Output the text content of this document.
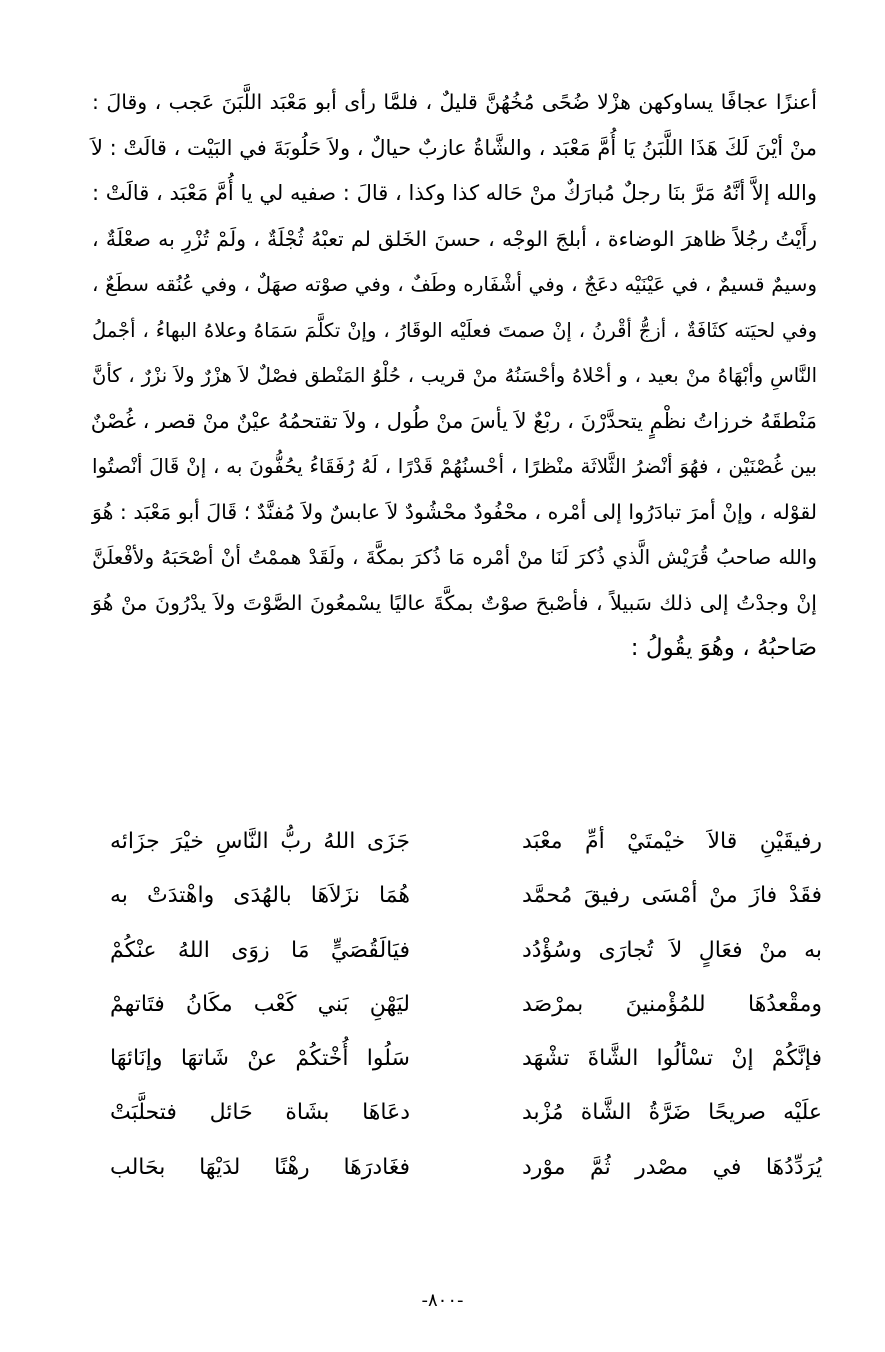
أعنزًا عجافًا يساوكهن هزْلا ضُحًى مُخُهُنَّ قليلٌ ، فلمَّا رأى أبو مَعْبَد اللَّبَنَ عَجب ، وقالَ :
منْ أيْنَ لَكَ هَذَا اللَّبَنُ يَا أُمَّ مَعْبَد ، والشَّاةُ عازبٌ حيالٌ ، ولاَ حَلُوبَةَ في البَيْت ، قالَتْ : لاَ
والله إلاَّ أنَّهُ مَرَّ بنَا رجلٌ مُبارَكٌ منْ حَاله كذا وكذا ، قالَ : صفيه لي يا أُمَّ مَعْبَد ، قالَتْ :
رأَيْتُ رجُلاً ظاهرَ الوضاءة ، أبلجَ الوجْه ، حسنَ الخَلق لم تعبْهُ ثُجْلَةٌ ، ولَمْ تُزْرِ به صعْلَةٌ ،
وسيمٌ قسيمٌ ، في عَيْنَيْه دعَجٌ ، وفي أشْفَاره وطَفٌ ، وفي صوْته صهَلٌ ، وفي عُنُقه سطَعٌ ،
وفي لحيَته كثَافَةٌ ، أزجُّ أقْرنُ ، إنْ صمتَ فعلَيْه الوقَارُ ، وإنْ تكلَّمَ سَمَاهُ وعلاهُ البهاءُ ، أجْملُ
النَّاسِ وأبْهَاهُ منْ بعيد ، و أحْلاهُ وأحْسَنُهُ منْ قريب ، حُلْوُ المَنْطق فصْلٌ لاَ هزْرٌ ولاَ نزْرٌ ، كأنَّ
مَنْطقَهُ خرزاتُ نظْمٍ يتحدَّرْنَ ، ربْعٌ لاَ يأسَ منْ طُول ، ولاَ تقتحمُهُ عيْنٌ منْ قصر ، غُصْنٌ
بين غُصْنَيْن ، فهُوَ أنْضرُ الثَّلاثَة منْظرًا ، أحْسنُهُمْ قَدْرًا ، لَهُ رُفَقَاءُ يحُفُّونَ به ، إنْ قَالَ أنْصتُوا
لقوْله ، وإنْ أمرَ تبادَرُوا إلى أمْره ، محْفُودٌ محْشُودٌ لاَ عابسٌ ولاَ مُفنَّدٌ ؛ قَالَ أبو مَعْبَد : هُوَ
والله صاحبُ قُرَيْش الَّذي ذُكرَ لَنَا منْ أمْره مَا ذُكرَ بمكَّةَ ، ولَقَدْ هممْتُ أنْ أصْحَبَهُ ولأفْعلَنَّ
إنْ وجدْتُ إلى ذلك سَبيلاً ، فأصْبحَ صوْتٌ بمكَّةَ عاليًا يسْمعُونَ الصَّوْتَ ولاَ يدْرُونَ منْ هُوَ
صَاحبُهُ ، وهُوَ يقُولُ :
جَزَى اللهُ ربُّ النَّاسِ خيْرَ جزَائه	رفيقَيْنِ قالاَ خيْمتَيْ أمِّ معْبَد
هُمَا نزَلاَهَا بالهُدَى واهْتدَتْ به	فقَدْ فازَ منْ أمْسَى رفيقَ مُحمَّد
فيَالَقُصَيٍّ مَا زوَى اللهُ عنْكُمْ	به منْ فعَالٍ لاَ تُجارَى وسُؤْدُد
ليَهْنِ بَني كَعْب مكَانُ فتَاتهمْ	ومقْعدُهَا للمُؤْمنينَ بمرْصَد
سَلُوا أُخْتكُمْ عنْ شَاتهَا وإنَائهَا	فإنَّكُمْ إنْ تسْألُوا الشَّاةَ تشْهَد
دعَاهَا بشَاة حَائل فتحلَّبَتْ	علَيْه صريحًا ضَرَّةُ الشَّاة مُزْبد
فغَادرَهَا رهْنًا لدَيْهَا بحَالب	يُرَدِّدُهَا في مصْدر ثُمَّ موْرد
-٨٠٠-
